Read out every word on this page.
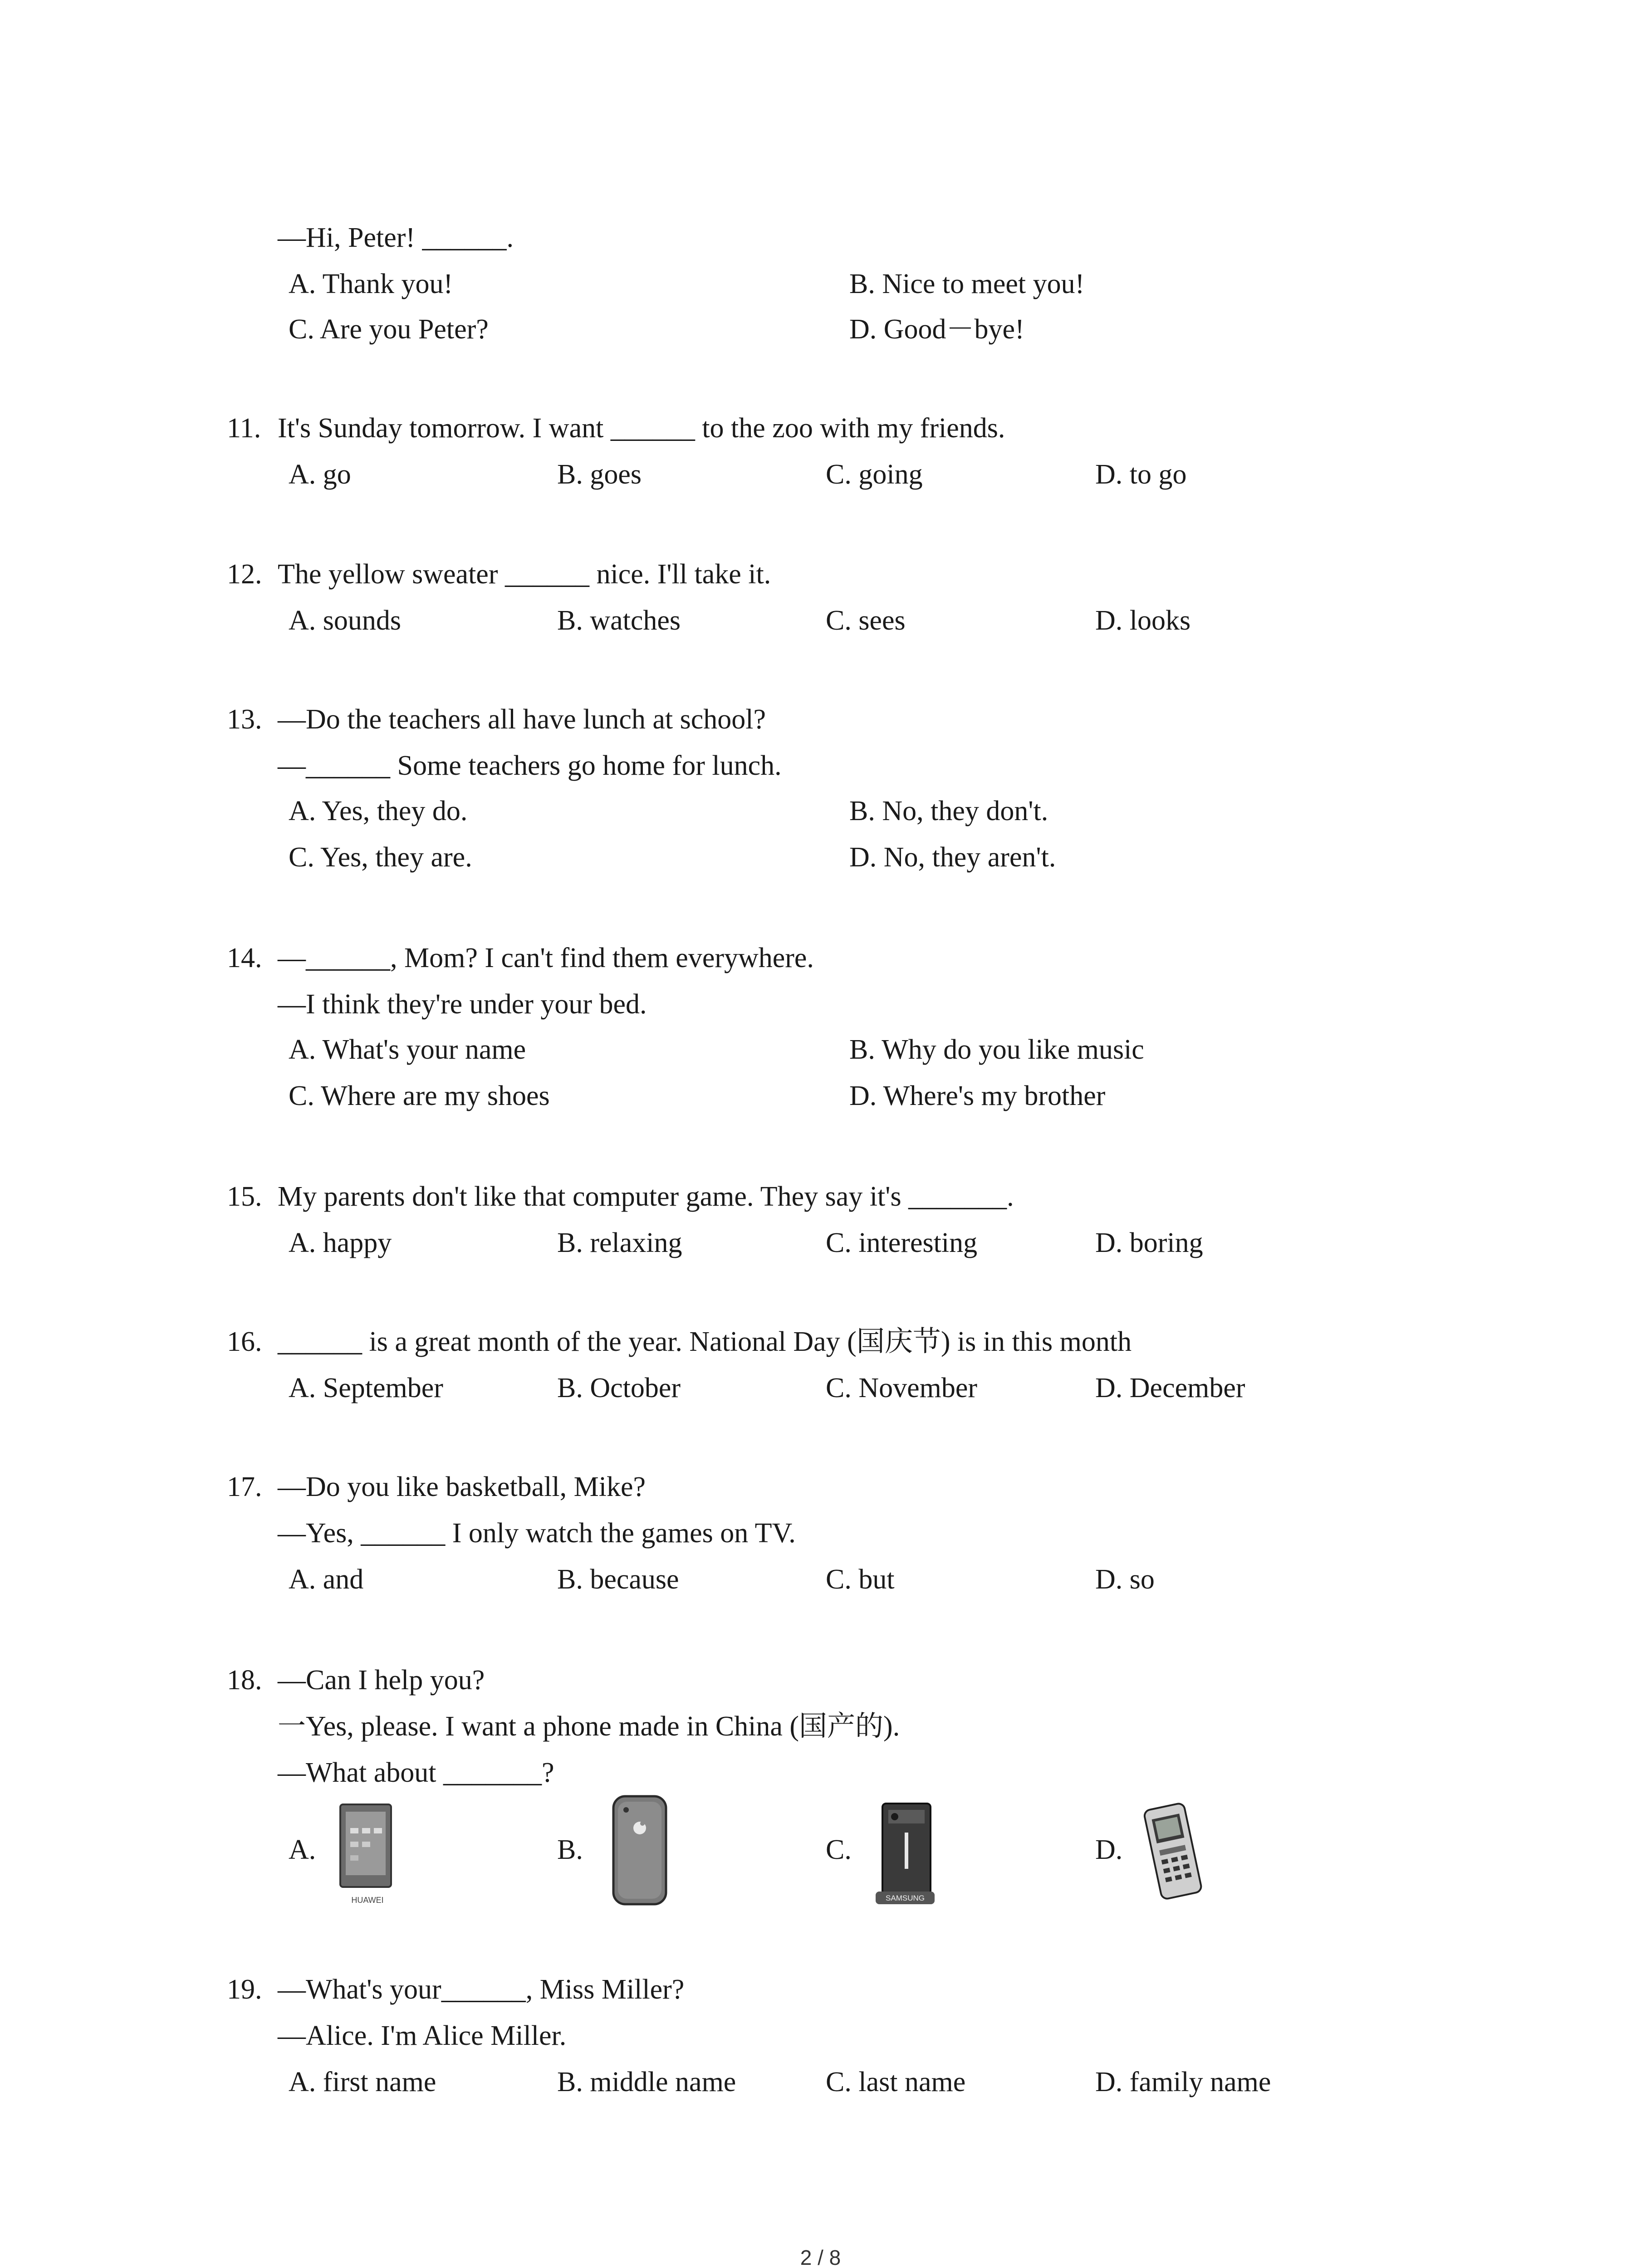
—Hi, Peter! ______.
A. Thank you!	B. Nice to meet you!
C. Are you Peter?	D. Good－bye!
11. It's Sunday tomorrow. I want ______ to the zoo with my friends.
A. go	B. goes	C. going	D. to go
12. The yellow sweater ______ nice. I'll take it.
A. sounds	B. watches	C. sees	D. looks
13. —Do the teachers all have lunch at school?
—______ Some teachers go home for lunch.
A. Yes, they do.	B. No, they don't.
C. Yes, they are.	D. No, they aren't.
14. —______, Mom? I can't find them everywhere.
—I think they're under your bed.
A. What's your name	B. Why do you like music
C. Where are my shoes	D. Where's my brother
15. My parents don't like that computer game. They say it's _______.
A. happy	B. relaxing	C. interesting	D. boring
16. ______ is a great month of the year. National Day (国庆节) is in this month
A. September	B. October	C. November	D. December
17. —Do you like basketball, Mike?
—Yes, ______ I only watch the games on TV.
A. and	B. because	C. but	D. so
18. —Can I help you?
一Yes, please. I want a phone made in China (国产的).
—What about _______?
A.	B.	C.	D.
HUAWEI	SAMSUNG
19. —What's your______, Miss Miller?
—Alice. I'm Alice Miller.
A. first name	B. middle name	C. last name	D. family name
2 / 8
